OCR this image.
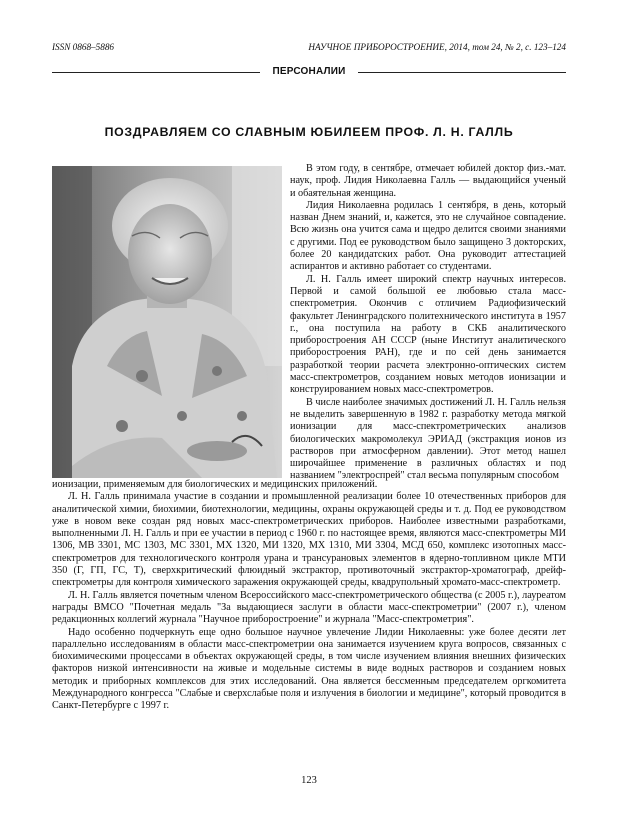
ISSN 0868–5886	НАУЧНОЕ ПРИБОРОСТРОЕНИЕ, 2014, том 24, № 2, c. 123–124
ПЕРСОНАЛИИ
ПОЗДРАВЛЯЕМ СО СЛАВНЫМ ЮБИЛЕЕМ ПРОФ. Л. Н. ГАЛЛЬ

В этом году, в сентябре, отмечает юбилей доктор физ.-мат. наук, проф. Лидия Николаевна Галль — выдающийся ученый и обаятельная женщина.

Лидия Николаевна родилась 1 сентября, в день, который назван Днем знаний, и, кажется, это не случайное совпадение. Всю жизнь она учится сама и щедро делится своими знаниями с другими. Под ее руководством было защищено 3 докторских, более 20 кандидатских работ. Она руководит аттестацией аспирантов и активно работает со студентами.

Л. Н. Галль имеет широкий спектр научных интересов. Первой и самой большой ее любовью стала масс-спектрометрия. Окончив с отличием Радиофизический факультет Ленинградского политехнического института в 1957 г., она поступила на работу в СКБ аналитического приборостроения АН СССР (ныне Институт аналитического приборостроения РАН), где и по сей день занимается разработкой теории расчета электронно-оптических систем масс-спектрометров, созданием новых методов ионизации и конструированием новых масс-спектрометров.

В числе наиболее значимых достижений Л. Н. Галль нельзя не выделить завершенную в 1982 г. разработку метода мягкой ионизации для масс-спектрометрических анализов биологических макромолекул ЭРИАД (экстракция ионов из растворов при атмосферном давлении). Этот метод нашел широчайшее применение в различных областях и под названием "электроспрей" стал весьма популярным способом

ионизации, применяемым для биологических и медицинских приложений.

Л. Н. Галль принимала участие в создании и промышленной реализации более 10 отечественных приборов для аналитической химии, биохимии, биотехнологии, медицины, охраны окружающей среды и т. д. Под ее руководством уже в новом веке создан ряд новых масс-спектрометрических приборов. Наиболее известными разработками, выполненными Л. Н. Галль и при ее участии в период с 1960 г. по настоящее время, являются масс-спектрометры МИ 1306, МВ 3301, МС 1303, МС 3301, МХ 1320, МИ 1320, МХ 1310, МИ 3304, МСД 650, комплекс изотопных масс-спектрометров для технологического контроля урана и трансурановых элементов в ядерно-топливном цикле МТИ 350 (Г, ГП, ГС, Т), сверхкритический флюидный экстрактор, противоточный экстрактор-хроматограф, дрейф-спектрометры для контроля химического заражения окружающей среды, квадрупольный хромато-масс-спектрометр.

Л. Н. Галль является почетным членом Всероссийского масс-спектрометрического общества (с 2005 г.), лауреатом награды ВМСО "Почетная медаль "За выдающиеся заслуги в области масс-спектрометрии" (2007 г.), членом редакционных коллегий журнала "Научное приборостроение" и журнала "Масс-спектрометрия".

Надо особенно подчеркнуть еще одно большое научное увлечение Лидии Николаевны: уже более десяти лет параллельно исследованиям в области масс-спектрометрии она занимается изучением круга вопросов, связанных с биохимическими процессами в объектах окружающей среды, в том числе изучением влияния внешних физических факторов низкой интенсивности на живые и модельные системы в виде водных растворов и созданием новых методик и приборных комплексов для этих исследований. Она является бессменным председателем оргкомитета Международного конгресса "Слабые и сверхслабые поля и излучения в биологии и медицине", который проводится в Санкт-Петербурге с 1997 г.

123
